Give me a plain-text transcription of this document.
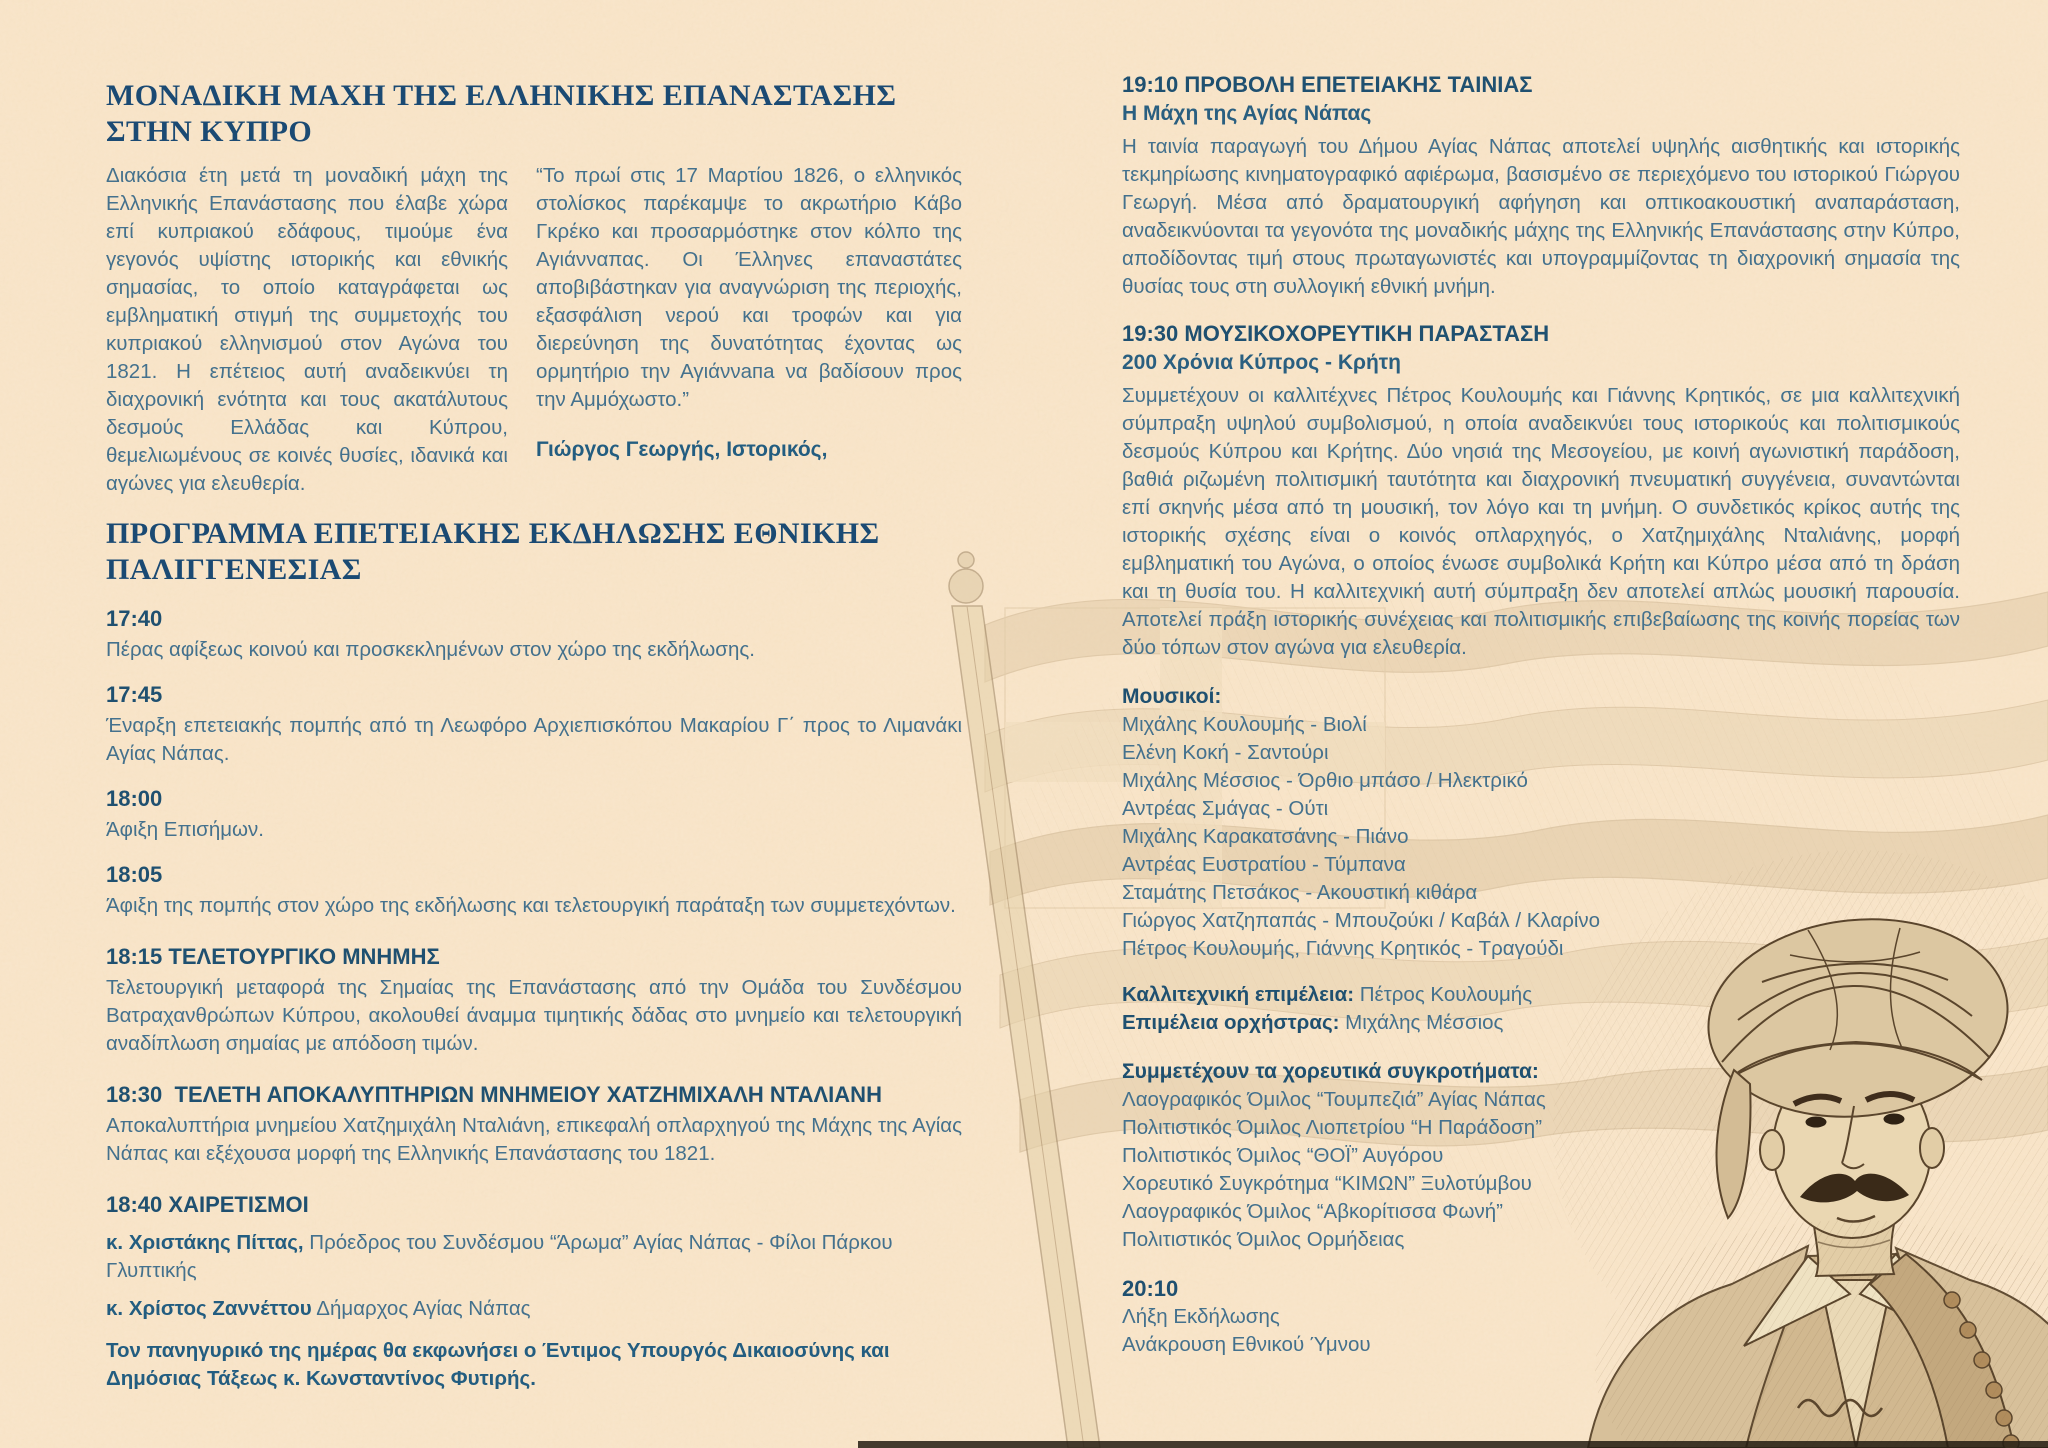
ΜΟΝΑΔΙΚΗ ΜΑΧΗ ΤΗΣ ΕΛΛΗΝΙΚΗΣ ΕΠΑΝΑΣΤΑΣΗΣ ΣΤΗΝ ΚΥΠΡΟ
Διακόσια έτη μετά τη μοναδική μάχη της Ελληνικής Επανάστασης που έλαβε χώρα επί κυπριακού εδάφους, τιμούμε ένα γεγονός υψίστης ιστορικής και εθνικής σημασίας, το οποίο καταγράφεται ως εμβληματική στιγμή της συμμετοχής του κυπριακού ελληνισμού στον Αγώνα του 1821. Η επέτειος αυτή αναδεικνύει τη διαχρονική ενότητα και τους ακατάλυτους δεσμούς Ελλάδας και Κύπρου, θεμελιωμένους σε κοινές θυσίες, ιδανικά και αγώνες για ελευθερία.
“Το πρωί στις 17 Μαρτίου 1826, ο ελληνικός στολίσκος παρέκαμψε το ακρωτήριο Κάβο Γκρέκο και προσαρμόστηκε στον κόλπο της Αγιάνναπας. Οι Έλληνες επαναστάτες αποβιβάστηκαν για αναγνώριση της περιοχής, εξασφάλιση νερού και τροφών και για διερεύνηση της δυνατότητας έχοντας ως ορμητήριο την Αγιάννапа να βαδίσουν προς την Αμμόχωστο.”
Γιώργος Γεωργής, Ιστορικός,
ΠΡΟΓΡΑΜΜΑ ΕΠΕΤΕΙΑΚΗΣ ΕΚΔΗΛΩΣΗΣ ΕΘΝΙΚΗΣ ΠΑΛΙΓΓΕΝΕΣΙΑΣ
17:40
Πέρας αφίξεως κοινού και προσκεκλημένων στον χώρο της εκδήλωσης.
17:45
Έναρξη επετειακής πομπής από τη Λεωφόρο Αρχιεπισκόπου Μακαρίου Γ΄ προς το Λιμανάκι Αγίας Νάπας.
18:00
Άφιξη Επισήμων.
18:05
Άφιξη της πομπής στον χώρο της εκδήλωσης και τελετουργική παράταξη των συμμετεχόντων.
18:15 ΤΕΛΕΤΟΥΡΓΙΚΟ ΜΝΗΜΗΣ
Τελετουργική μεταφορά της Σημαίας της Επανάστασης από την Ομάδα του Συνδέσμου Βατραχανθρώπων Κύπρου, ακολουθεί άναμμα τιμητικής δάδας στο μνημείο και τελετουργική αναδίπλωση σημαίας με απόδοση τιμών.
18:30 ΤΕΛΕΤΗ ΑΠΟΚΑΛΥΠΤΗΡΙΩΝ ΜΝΗΜΕΙΟΥ ΧΑΤΖΗΜΙΧΑΛΗ ΝΤΑΛΙΑΝΗ
Αποκαλυπτήρια μνημείου Χατζημιχάλη Νταλιάνη, επικεφαλή οπλαρχηγού της Μάχης της Αγίας Νάπας και εξέχουσα μορφή της Ελληνικής Επανάστασης του 1821.
18:40 ΧΑΙΡΕΤΙΣΜΟΙ
κ. Χριστάκης Πίττας, Πρόεδρος του Συνδέσμου “Άρωμα” Αγίας Νάπας - Φίλοι Πάρκου Γλυπτικής
κ. Χρίστος Ζαννέττου Δήμαρχος Αγίας Νάπας
Τον πανηγυρικό της ημέρας θα εκφωνήσει ο Έντιμος Υπουργός Δικαιοσύνης και Δημόσιας Τάξεως κ. Κωνσταντίνος Φυτιρής.
19:10 ΠΡΟΒΟΛΗ ΕΠΕΤΕΙΑΚΗΣ ΤΑΙΝΙΑΣ
Η Μάχη της Αγίας Νάπας
Η ταινία παραγωγή του Δήμου Αγίας Νάπας αποτελεί υψηλής αισθητικής και ιστορικής τεκμηρίωσης κινηματογραφικό αφιέρωμα, βασισμένο σε περιεχόμενο του ιστορικού Γιώργου Γεωργή. Μέσα από δραματουργική αφήγηση και οπτικοακουστική αναπαράσταση, αναδεικνύονται τα γεγονότα της μοναδικής μάχης της Ελληνικής Επανάστασης στην Κύπρο, αποδίδοντας τιμή στους πρωταγωνιστές και υπογραμμίζοντας τη διαχρονική σημασία της θυσίας τους στη συλλογική εθνική μνήμη.
19:30 ΜΟΥΣΙΚΟΧΟΡΕΥΤΙΚΗ ΠΑΡΑΣΤΑΣΗ
200 Χρόνια Κύπρος - Κρήτη
Συμμετέχουν οι καλλιτέχνες Πέτρος Κουλουμής και Γιάννης Κρητικός, σε μια καλλιτεχνική σύμπραξη υψηλού συμβολισμού, η οποία αναδεικνύει τους ιστορικούς και πολιτισμικούς δεσμούς Κύπρου και Κρήτης. Δύο νησιά της Μεσογείου, με κοινή αγωνιστική παράδοση, βαθιά ριζωμένη πολιτισμική ταυτότητα και διαχρονική πνευματική συγγένεια, συναντώνται επί σκηνής μέσα από τη μουσική, τον λόγο και τη μνήμη. Ο συνδετικός κρίκος αυτής της ιστορικής σχέσης είναι ο κοινός οπλαρχηγός, ο Χατζημιχάλης Νταλιάνης, μορφή εμβληματική του Αγώνα, ο οποίος ένωσε συμβολικά Κρήτη και Κύπρο μέσα από τη δράση και τη θυσία του. Η καλλιτεχνική αυτή σύμπραξη δεν αποτελεί απλώς μουσική παρουσία. Αποτελεί πράξη ιστορικής συνέχειας και πολιτισμικής επιβεβαίωσης της κοινής πορείας των δύο τόπων στον αγώνα για ελευθερία.
Μουσικοί:
Μιχάλης Κουλουμής - Βιολί
Ελένη Κοκή - Σαντούρι
Μιχάλης Μέσσιος - Όρθιο μπάσο / Ηλεκτρικό
Αντρέας Σμάγας - Ούτι
Μιχάλης Καρακατσάνης - Πιάνο
Αντρέας Ευστρατίου - Τύμπανα
Σταμάτης Πετσάκος - Ακουστική κιθάρα
Γιώργος Χατζηπαπάς - Μπουζούκι / Καβάλ / Κλαρίνο
Πέτρος Κουλουμής, Γιάννης Κρητικός - Τραγούδι
Καλλιτεχνική επιμέλεια: Πέτρος Κουλουμής
Επιμέλεια ορχήστρας: Μιχάλης Μέσσιος
Συμμετέχουν τα χορευτικά συγκροτήματα:
Λαογραφικός Όμιλος “Τουμπεζιά” Αγίας Νάπας
Πολιτιστικός Όμιλος Λιοπετρίου “Η Παράδοση”
Πολιτιστικός Όμιλος “ΘΟΪ” Αυγόρου
Χορευτικό Συγκρότημα “ΚΙΜΩΝ” Ξυλοτύμβου
Λαογραφικός Όμιλος “Αβκορίτισσα Φωνή”
Πολιτιστικός Όμιλος Ορμήδειας
20:10
Λήξη Εκδήλωσης
Ανάκρουση Εθνικού Ύμνου
